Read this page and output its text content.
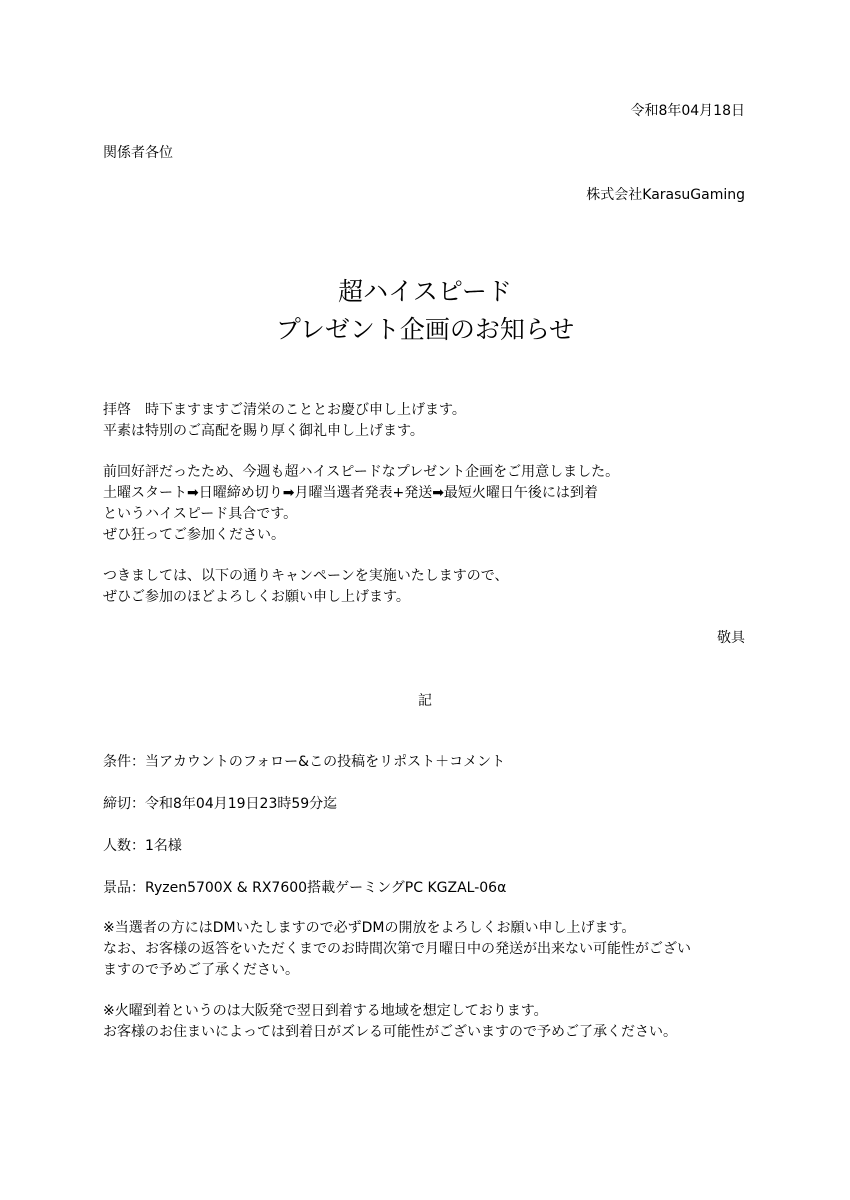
令和8年04月18日
関係者各位
株式会社KarasuGaming
超ハイスピード
プレゼント企画のお知らせ
拝啓　時下ますますご清栄のこととお慶び申し上げます。
平素は特別のご高配を賜り厚く御礼申し上げます。
前回好評だったため、今週も超ハイスピードなプレゼント企画をご用意しました。
土曜スタート➡日曜締め切り➡月曜当選者発表+発送➡最短火曜日午後には到着
というハイスピード具合です。
ぜひ狂ってご参加ください。
つきましては、以下の通りキャンペーンを実施いたしますので、
ぜひご参加のほどよろしくお願い申し上げます。
敬具
記
条件：当アカウントのフォロー&この投稿をリポスト＋コメント
締切：令和8年04月19日23時59分迄
人数：1名様
景品：Ryzen5700X & RX7600搭載ゲーミングPC KGZAL-06α
※当選者の方にはDMいたしますので必ずDMの開放をよろしくお願い申し上げます。
なお、お客様の返答をいただくまでのお時間次第で月曜日中の発送が出来ない可能性がござい
ますので予めご了承ください。
※火曜到着というのは大阪発で翌日到着する地域を想定しております。
お客様のお住まいによっては到着日がズレる可能性がございますので予めご了承ください。
